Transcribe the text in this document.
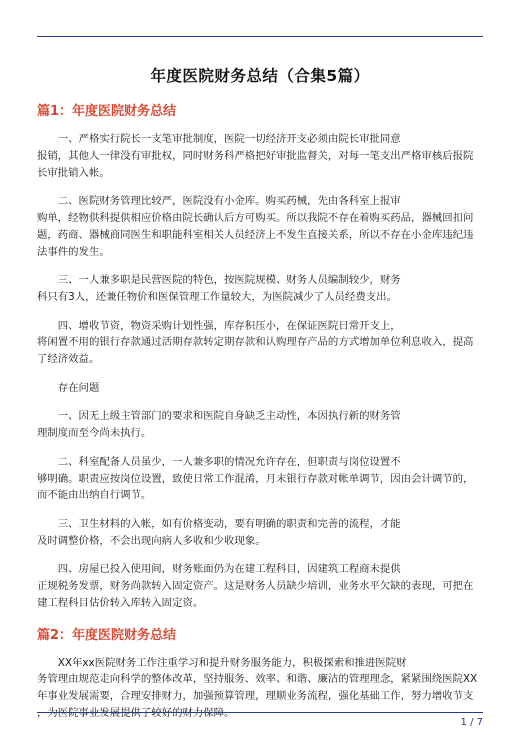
年度医院财务总结（合集5篇）
篇1：年度医院财务总结

　　一、严格实行院长一支笔审批制度，医院一切经济开支必须由院长审批同意
报销，其他人一律没有审批权，同时财务科严格把好审批监督关，对每一笔支出严格审核后报院
长审批销入帐。

　　二、医院财务管理比较严，医院没有小金库。购买药械，先由各科室上报审
购单，经物供科提供相应价格由院长确认后方可购买。所以我院不存在着购买药品，器械回扣问
题，药商、器械商同医生和职能科室相关人员经济上不发生直接关系，所以不存在小金库违纪违
法事件的发生。

　　三、一人兼多职是民营医院的特色，按医院规模、财务人员编制较少，财务
科只有3人，还兼任物价和医保管理工作量较大，为医院减少了人员经费支出。

　　四、增收节资，物资采购计划性强，库存积压小，在保证医院日常开支上，
将闲置不用的银行存款通过活期存款转定期存款和认购理存产品的方式增加单位利息收入，提高
了经济效益。

　　存在问题

　　一、因无上级主管部门的要求和医院自身缺乏主动性，本因执行新的财务管
理制度而至今尚未执行。

　　二、科室配备人员虽少，一人兼多职的情况允许存在，但职责与岗位设置不
够明确。职责应按岗位设置，致使日常工作混淆，月末银行存款对帐单调节，因由会计调节的，
而不能由出纳自行调节。

　　三、卫生材料的入帐，如有价格变动，要有明确的职责和完善的流程，才能
及时调整价格，不会出现向病人多收和少收现象。

　　四、房屋已投入使用间，财务账面仍为在建工程科目，因建筑工程商未提供
正规税务发票，财务尚款转入固定资产。这是财务人员缺少培训，业务水平欠缺的表现，可把在
建工程科目估价转入库转入固定资。

篇2：年度医院财务总结

　　XX年xx医院财务工作注重学习和提升财务服务能力，积极探索和推进医院财
务管理由规范走向科学的整体改革，坚持服务、效率、和谐、廉洁的管理理念，紧紧围绕医院XX
年事业发展需要，合理安排财力，加强预算管理，理顺业务流程，强化基础工作，努力增收节支
，为医院事业发展提供了较好的财力保障。

1 / 7
